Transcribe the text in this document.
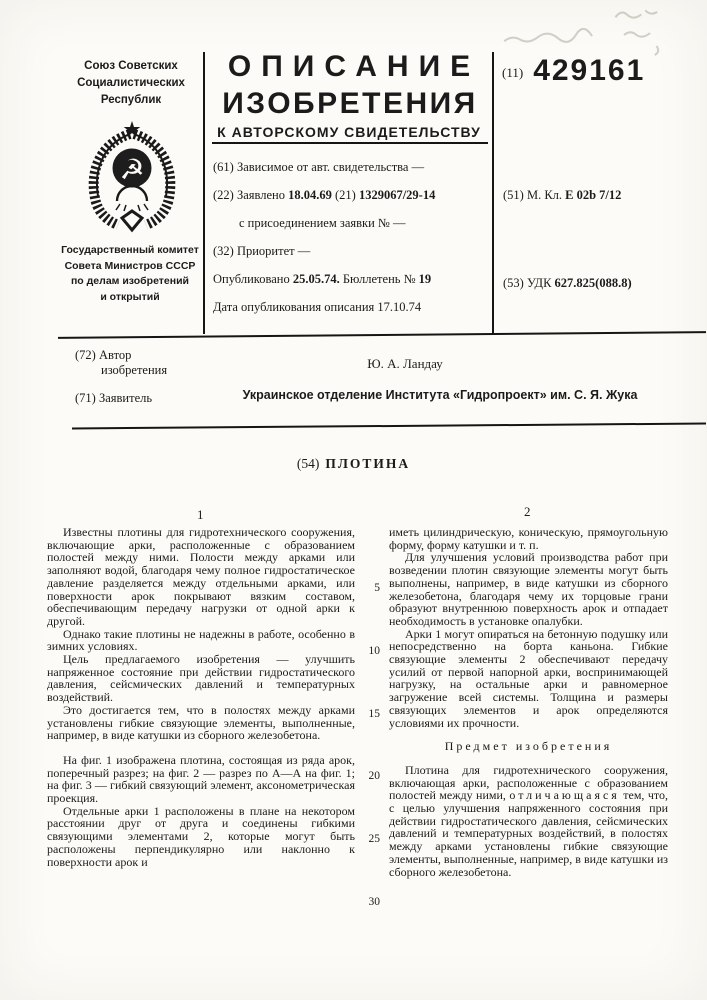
Союз Советских
Социалистических
Республик
☭
Государственный комитет
Совета Министров СССР
по делам изобретений
и открытий
ОПИСАНИЕ
ИЗОБРЕТЕНИЯ
К АВТОРСКОМУ СВИДЕТЕЛЬСТВУ
(61) Зависимое от авт. свидетельства —
(22) Заявлено 18.04.69 (21) 1329067/29-14
с присоединением заявки № —
(32) Приоритет —
Опубликовано 25.05.74. Бюллетень № 19
Дата опубликования описания 17.10.74
(11) 429161
(51) М. Кл. Е 02b 7/12
(53) УДК 627.825(088.8)
(72) Автор
изобретения	Ю. А. Ландау
(71) Заявитель	Украинское отделение Института «Гидропроект» им. С. Я. Жука
(54) ПЛОТИНА
1	2

Известны плотины для гидротехнического сооружения, включающие арки, расположенные с образованием полостей между ними. Полости между арками или заполняют водой, благодаря чему полное гидростатическое давление разделяется между отдельными арками, или поверхности арок покрывают вязким составом, обеспечивающим передачу нагрузки от одной арки к другой.

Однако такие плотины не надежны в работе, особенно в зимних условиях.

Цель предлагаемого изобретения — улучшить напряженное состояние при действии гидростатического давления, сейсмических давлений и температурных воздействий.

Это достигается тем, что в полостях между арками установлены гибкие связующие элементы, выполненные, например, в виде катушки из сборного железобетона.

На фиг. 1 изображена плотина, состоящая из ряда арок, поперечный разрез; на фиг. 2 — разрез по А—А на фиг. 1; на фиг. 3 — гибкий связующий элемент, аксонометрическая проекция.

Отдельные арки 1 расположены в плане на некотором расстоянии друг от друга и соединены гибкими связующими элементами 2, которые могут быть расположены перпендикулярно или наклонно к поверхности арок и

иметь цилиндрическую, коническую, прямоугольную форму, форму катушки и т. п.

Для улучшения условий производства работ при возведении плотин связующие элементы могут быть выполнены, например, в виде катушки из сборного железобетона, благодаря чему их торцовые грани образуют внутреннюю поверхность арок и отпадает необходимость в установке опалубки.

Арки 1 могут опираться на бетонную подушку или непосредственно на борта каньона. Гибкие связующие элементы 2 обеспечивают передачу усилий от первой напорной арки, воспринимающей нагрузку, на остальные арки и равномерное загружение всей системы. Толщина и размеры связующих элементов и арок определяются условиями их прочности.

Предмет изобретения

Плотина для гидротехнического сооружения, включающая арки, расположенные с образованием полостей между ними, отличающаяся тем, что, с целью улучшения напряженного состояния при действии гидростатического давления, сейсмических давлений и температурных воздействий, в полостях между арками установлены гибкие связующие элементы, выполненные, например, в виде катушки из сборного железобетона.

5
10
15
20
25
30
